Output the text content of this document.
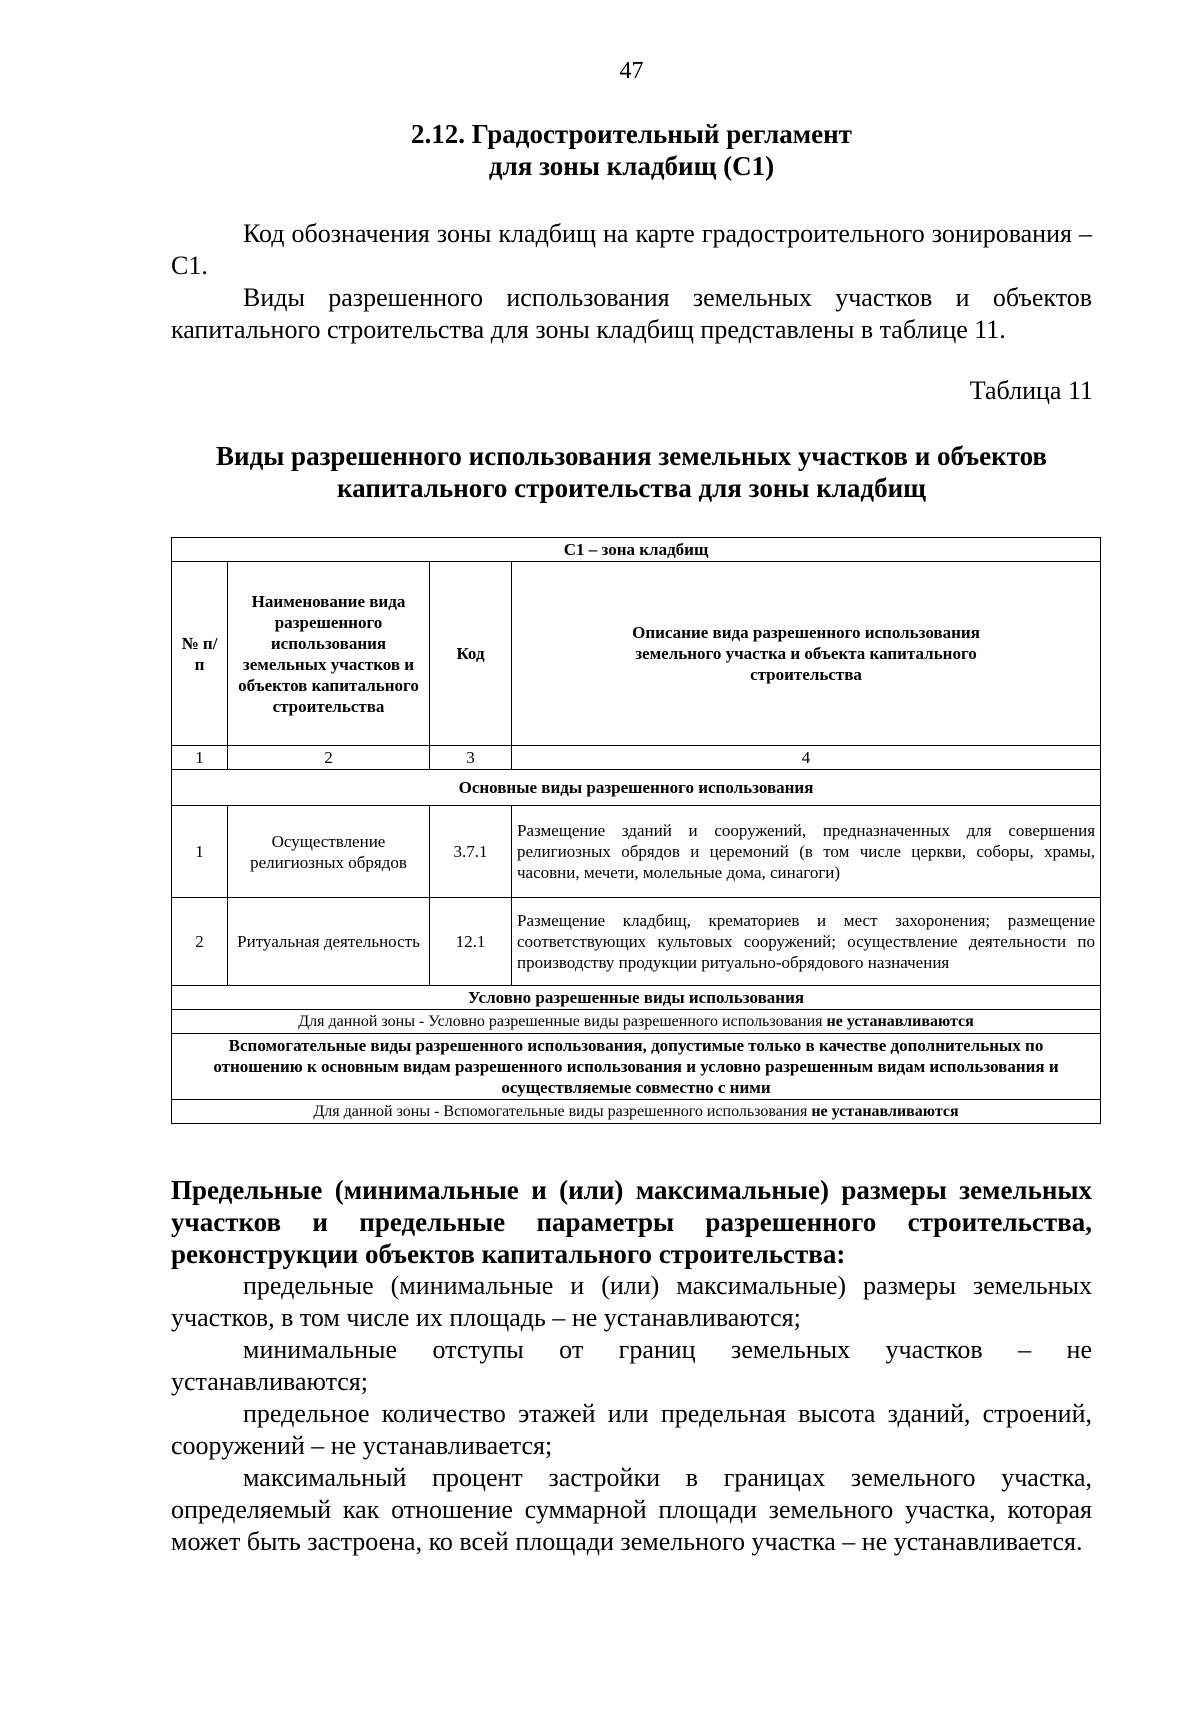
47
2.12. Градостроительный регламент
для зоны кладбищ (С1)
Код обозначения зоны кладбищ на карте градостроительного зонирования – С1.
Виды разрешенного использования земельных участков и объектов капитального строительства для зоны кладбищ представлены в таблице 11.
Таблица 11
Виды разрешенного использования земельных участков и объектов
капитального строительства для зоны кладбищ
С1 – зона кладбищ			
№ п/п	Наименование вида разрешенного использования земельных участков и объектов капитального строительства	Код	Описание вида разрешенного использования земельного участка и объекта капитального строительства
1	2	3	4
Основные виды разрешенного использования			
1	Осуществление религиозных обрядов	3.7.1	Размещение зданий и сооружений, предназначенных для совершения религиозных обрядов и церемоний (в том числе церкви, соборы, храмы, часовни, мечети, молельные дома, синагоги)
2	Ритуальная деятельность	12.1	Размещение кладбищ, крематориев и мест захоронения; размещение соответствующих культовых сооружений; осуществление деятельности по производству продукции ритуально-обрядового назначения
Условно разрешенные виды использования			
Для данной зоны - Условно разрешенные виды разрешенного использования не устанавливаются			
Вспомогательные виды разрешенного использования, допустимые только в качестве дополнительных по отношению к основным видам разрешенного использования и условно разрешенным видам использования и осуществляемые совместно с ними			
Для данной зоны - Вспомогательные виды разрешенного использования не устанавливаются			
Предельные (минимальные и (или) максимальные) размеры земельных участков и предельные параметры разрешенного строительства, реконструкции объектов капитального строительства:

предельные (минимальные и (или) максимальные) размеры земельных участков, в том числе их площадь – не устанавливаются;

минимальные отступы от границ земельных участков – не устанавливаются;

предельное количество этажей или предельная высота зданий, строений, сооружений – не устанавливается;

максимальный процент застройки в границах земельного участка, определяемый как отношение суммарной площади земельного участка, которая может быть застроена, ко всей площади земельного участка – не устанавливается.
